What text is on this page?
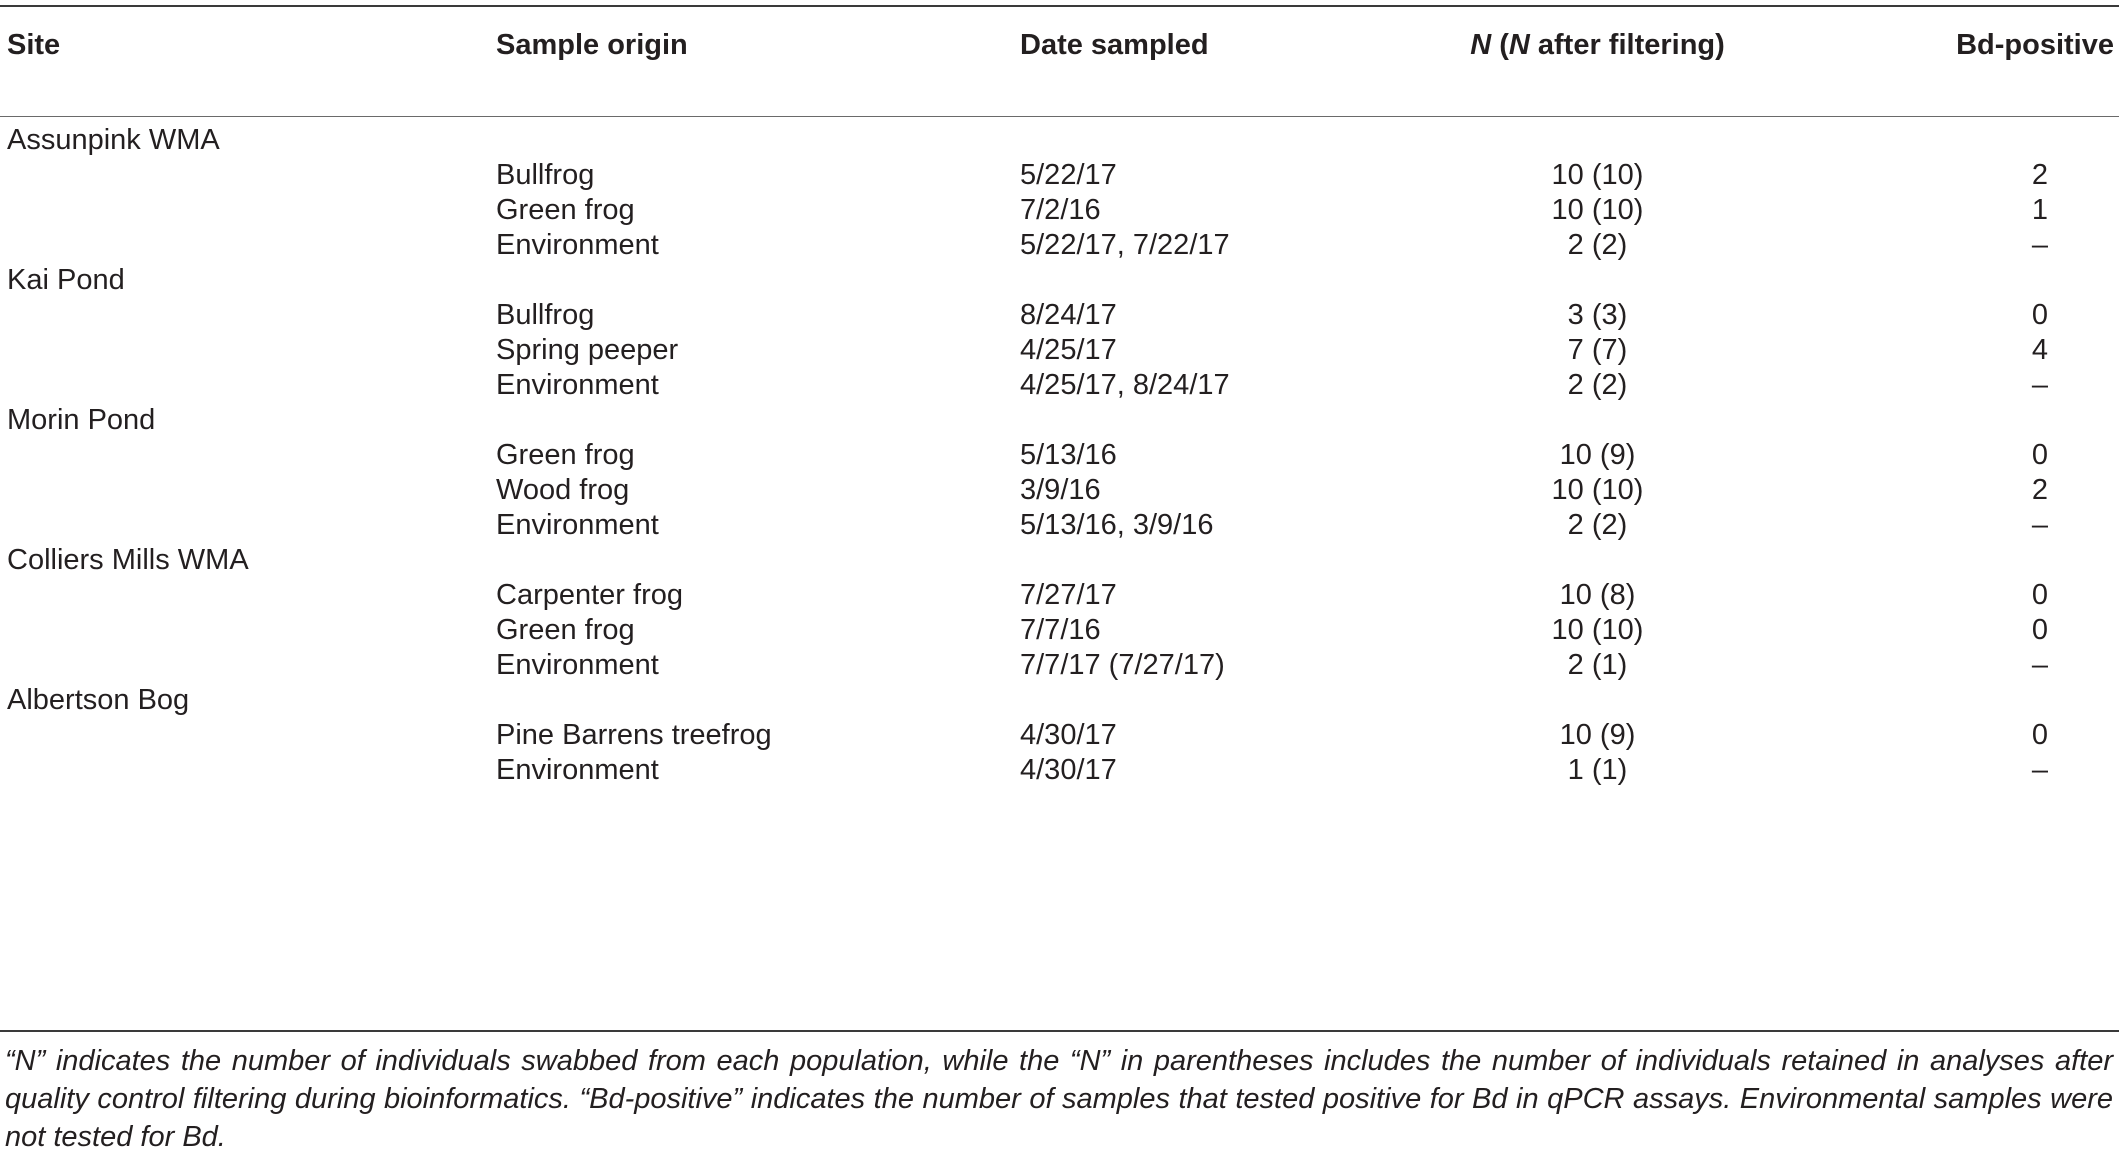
Site	Sample origin	Date sampled	N (N after filtering)	Bd-positive
Assunpink WMA
Bullfrog	5/22/17	10 (10)	2
Green frog	7/2/16	10 (10)	1
Environment	5/22/17, 7/22/17	2 (2)	–
Kai Pond
Bullfrog	8/24/17	3 (3)	0
Spring peeper	4/25/17	7 (7)	4
Environment	4/25/17, 8/24/17	2 (2)	–
Morin Pond
Green frog	5/13/16	10 (9)	0
Wood frog	3/9/16	10 (10)	2
Environment	5/13/16, 3/9/16	2 (2)	–
Colliers Mills WMA
Carpenter frog	7/27/17	10 (8)	0
Green frog	7/7/16	10 (10)	0
Environment	7/7/17 (7/27/17)	2 (1)	–
Albertson Bog
Pine Barrens treefrog	4/30/17	10 (9)	0
Environment	4/30/17	1 (1)	–
“N” indicates the number of individuals swabbed from each population, while the “N” in parentheses includes the number of individuals retained in analyses after quality control filtering during bioinformatics. “Bd-positive” indicates the number of samples that tested positive for Bd in qPCR assays. Environmental samples were not tested for Bd.
